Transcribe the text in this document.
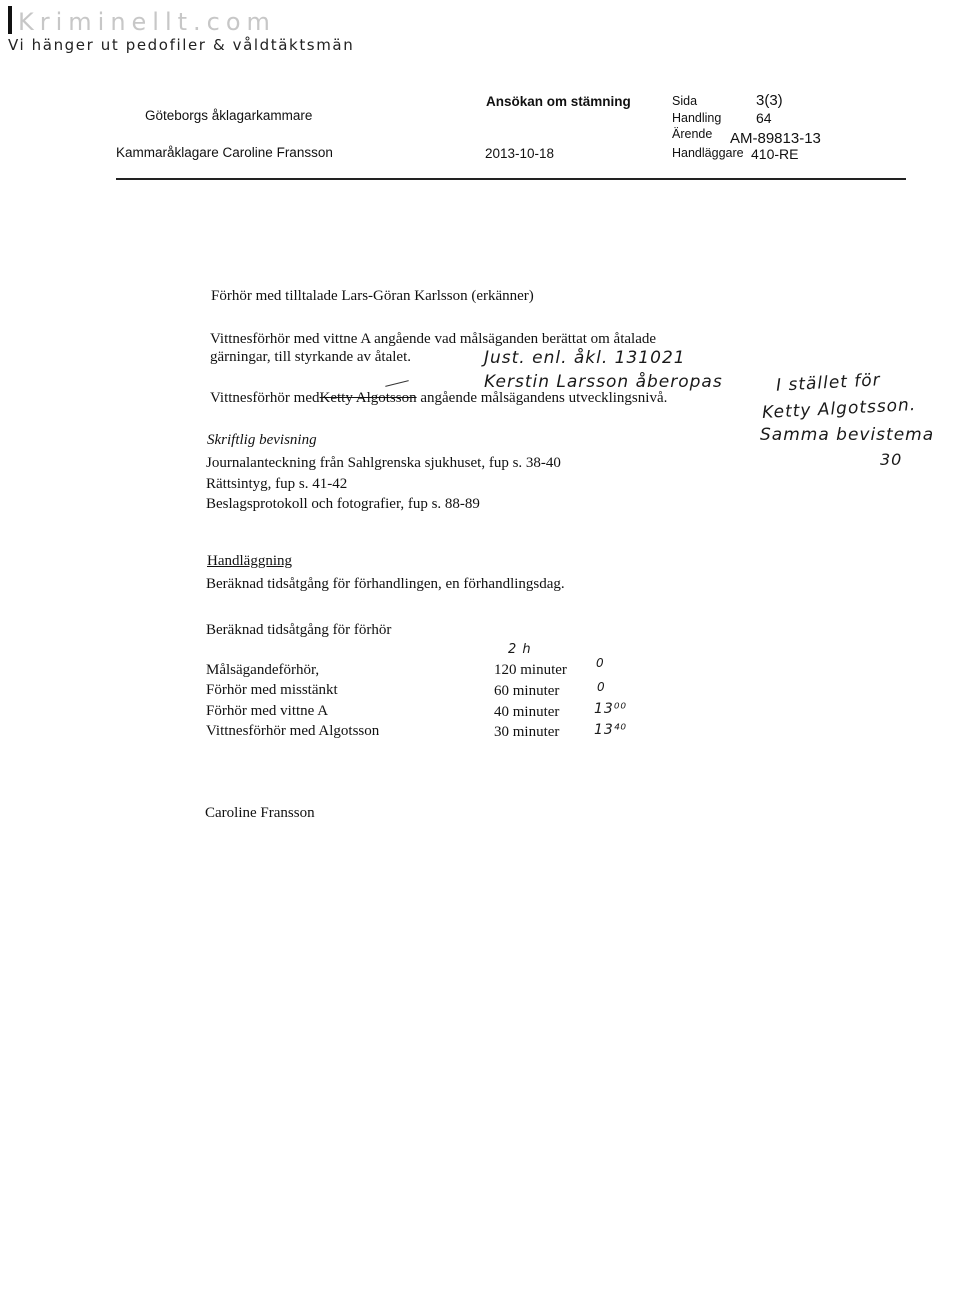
Kriminellt.com
Vi hänger ut pedofiler & våldtäktsmän
Göteborgs åklagarkammare
Kammaråklagare Caroline Fransson
Ansökan om stämning
2013-10-18
Sida	3(3)
Handling 64
Ärende AM-89813-13
Handläggare 410-RE
Förhör med tilltalade Lars-Göran Karlsson (erkänner)
Vittnesförhör med vittne A angående vad målsäganden berättat om åtalade
gärningar, till styrkande av åtalet.
Vittnesförhör medKetty Algotsson angående målsägandens utvecklingsnivå.
Just. enl. åkl. 131021
Kerstin Larsson åberopas	I stället för
Ketty Algotsson.
Samma bevistema
30
Skriftlig bevisning
Journalanteckning från Sahlgrenska sjukhuset, fup s. 38-40
Rättsintyg, fup s. 41-42
Beslagsprotokoll och fotografier, fup s. 88-89
Handläggning
Beräknad tidsåtgång för förhandlingen, en förhandlingsdag.
Beräknad tidsåtgång för förhör
2 h
Målsägandeförhör,	120 minuter 0
Förhör med misstänkt	60 minuter	0
Förhör med vittne A	40 minuter 13⁰⁰
Vittnesförhör med Algotsson	30 minuter 13⁴⁰
Caroline Fransson
